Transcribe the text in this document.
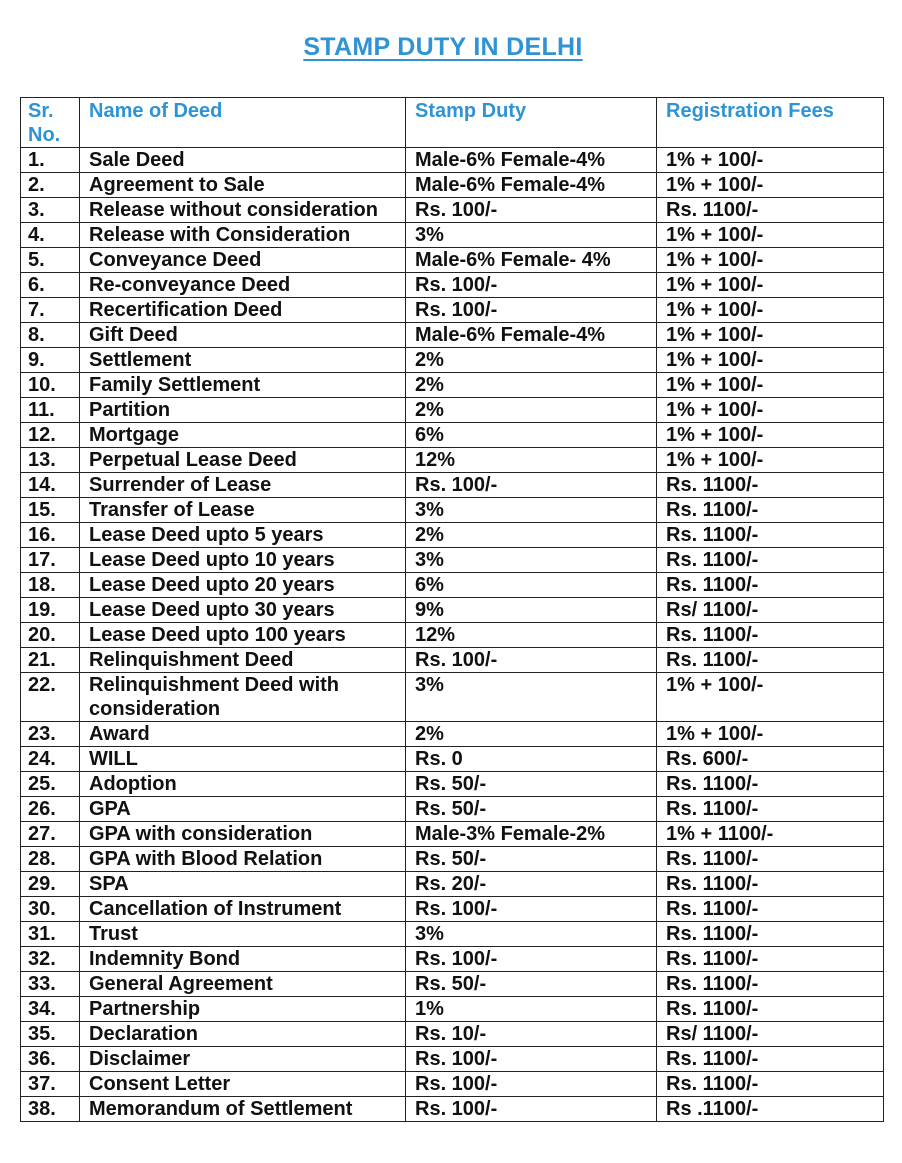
STAMP DUTY IN DELHI
Sr. No.	Name of Deed	Stamp Duty	Registration Fees
1.	Sale Deed	Male-6% Female-4%	1% + 100/-
2.	Agreement to Sale	Male-6% Female-4%	1% + 100/-
3.	Release without consideration	Rs. 100/-	Rs. 1100/-
4.	Release with Consideration	3%	1% + 100/-
5.	Conveyance Deed	Male-6% Female- 4%	1% + 100/-
6.	Re-conveyance Deed	Rs. 100/-	1% + 100/-
7.	Recertification Deed	Rs. 100/-	1% + 100/-
8.	Gift Deed	Male-6% Female-4%	1% + 100/-
9.	Settlement	2%	1% + 100/-
10.	Family Settlement	2%	1% + 100/-
11.	Partition	2%	1% + 100/-
12.	Mortgage	6%	1% + 100/-
13.	Perpetual Lease Deed	12%	1% + 100/-
14.	Surrender of Lease	Rs. 100/-	Rs. 1100/-
15.	Transfer of Lease	3%	Rs. 1100/-
16.	Lease Deed upto 5 years	2%	Rs. 1100/-
17.	Lease Deed upto 10 years	3%	Rs. 1100/-
18.	Lease Deed upto 20 years	6%	Rs. 1100/-
19.	Lease Deed upto 30 years	9%	Rs/ 1100/-
20.	Lease Deed upto 100 years	12%	Rs. 1100/-
21.	Relinquishment Deed	Rs. 100/-	Rs. 1100/-
22.	Relinquishment Deed with consideration	3%	1% + 100/-
23.	Award	2%	1% + 100/-
24.	WILL	Rs. 0	Rs. 600/-
25.	Adoption	Rs. 50/-	Rs. 1100/-
26.	GPA	Rs. 50/-	Rs. 1100/-
27.	GPA with consideration	Male-3% Female-2%	1% + 1100/-
28.	GPA with Blood Relation	Rs. 50/-	Rs. 1100/-
29.	SPA	Rs. 20/-	Rs. 1100/-
30.	Cancellation of Instrument	Rs. 100/-	Rs. 1100/-
31.	Trust	3%	Rs. 1100/-
32.	Indemnity Bond	Rs. 100/-	Rs. 1100/-
33.	General Agreement	Rs. 50/-	Rs. 1100/-
34.	Partnership	1%	Rs. 1100/-
35.	Declaration	Rs. 10/-	Rs/ 1100/-
36.	Disclaimer	Rs. 100/-	Rs. 1100/-
37.	Consent Letter	Rs. 100/-	Rs. 1100/-
38.	Memorandum of Settlement	Rs. 100/-	Rs .1100/-
